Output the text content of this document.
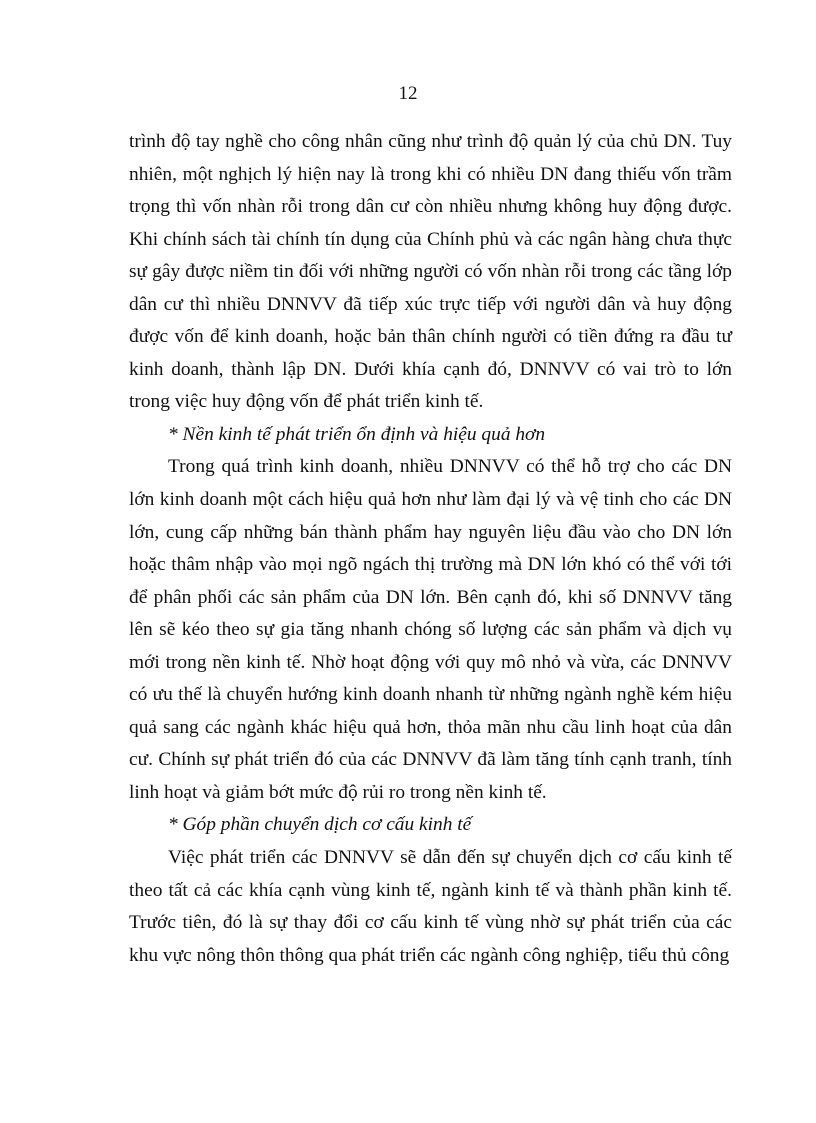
12

trình độ tay nghề cho công nhân cũng như trình độ quản lý của chủ DN. Tuy nhiên, một nghịch lý hiện nay là trong khi có nhiều DN đang thiếu vốn trầm trọng thì vốn nhàn rỗi trong dân cư còn nhiều nhưng không huy động được. Khi chính sách tài chính tín dụng của Chính phủ và các ngân hàng chưa thực sự gây được niềm tin đối với những người có vốn nhàn rỗi trong các tầng lớp dân cư thì nhiều DNNVV đã tiếp xúc trực tiếp với người dân và huy động được vốn để kinh doanh, hoặc bản thân chính người có tiền đứng ra đầu tư kinh doanh, thành lập DN. Dưới khía cạnh đó, DNNVV có vai trò to lớn trong việc huy động vốn để phát triển kinh tế.

* Nền kinh tế phát triển ổn định và hiệu quả hơn

Trong quá trình kinh doanh, nhiều DNNVV có thể hỗ trợ cho các DN lớn kinh doanh một cách hiệu quả hơn như làm đại lý và vệ tinh cho các DN lớn, cung cấp những bán thành phẩm hay nguyên liệu đầu vào cho DN lớn hoặc thâm nhập vào mọi ngõ ngách thị trường mà DN lớn khó có thể với tới để phân phối các sản phẩm của DN lớn. Bên cạnh đó, khi số DNNVV tăng lên sẽ kéo theo sự gia tăng nhanh chóng số lượng các sản phẩm và dịch vụ mới trong nền kinh tế. Nhờ hoạt động với quy mô nhỏ và vừa, các DNNVV có ưu thế là chuyển hướng kinh doanh nhanh từ những ngành nghề kém hiệu quả sang các ngành khác hiệu quả hơn, thỏa mãn nhu cầu linh hoạt của dân cư. Chính sự phát triển đó của các DNNVV đã làm tăng tính cạnh tranh, tính linh hoạt và giảm bớt mức độ rủi ro trong nền kinh tế.

* Góp phần chuyển dịch cơ cấu kinh tế

Việc phát triển các DNNVV sẽ dẫn đến sự chuyển dịch cơ cấu kinh tế theo tất cả các khía cạnh vùng kinh tế, ngành kinh tế và thành phần kinh tế. Trước tiên, đó là sự thay đổi cơ cấu kinh tế vùng nhờ sự phát triển của các khu vực nông thôn thông qua phát triển các ngành công nghiệp, tiểu thủ công
